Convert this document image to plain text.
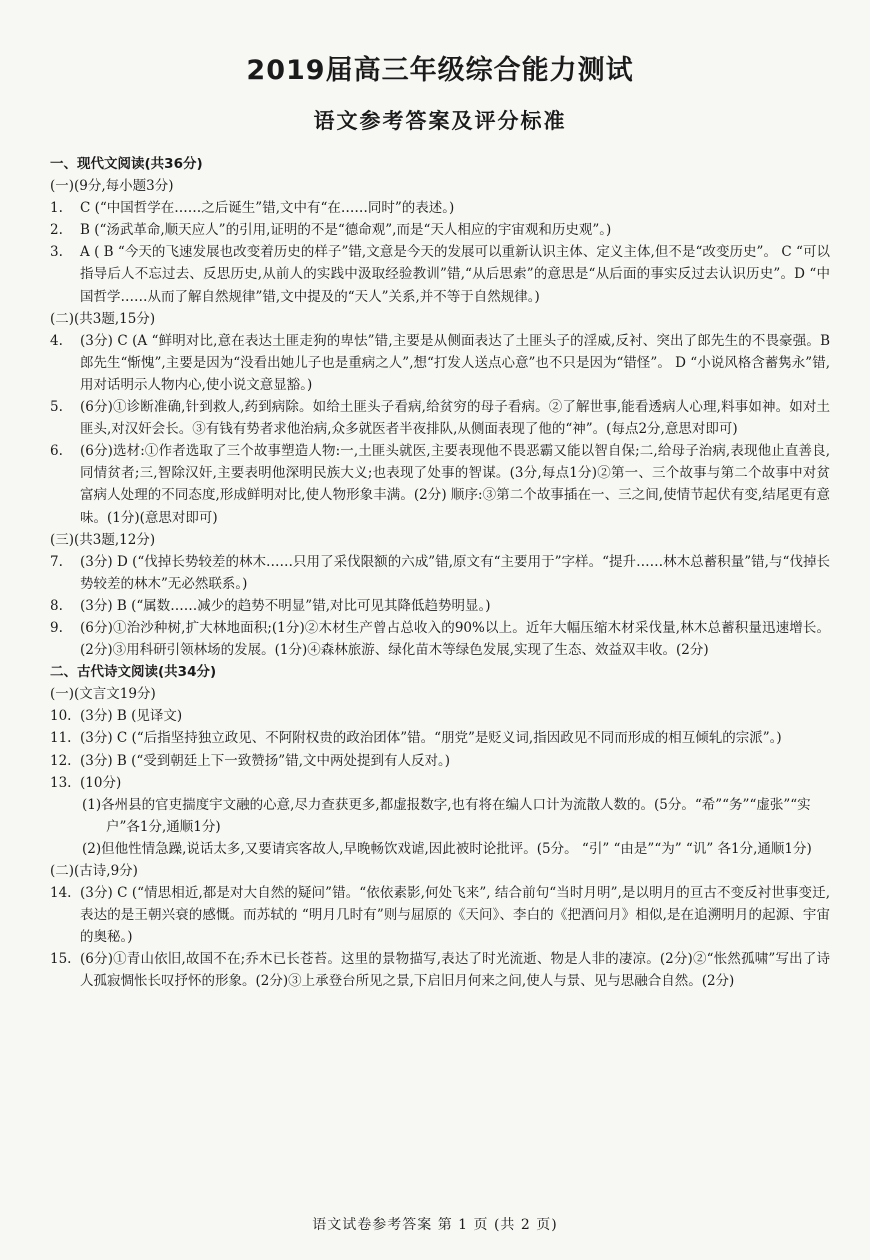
2019届高三年级综合能力测试
语文参考答案及评分标准
一、现代文阅读(共36分)
(一)(9分,每小题3分)
1.	C (“中国哲学在……之后诞生”错,文中有“在……同时”的表述。)
2.	B (“汤武革命,顺天应人”的引用,证明的不是“德命观”,而是“天人相应的宇宙观和历史观”。)
3.	A ( B “今天的飞速发展也改变着历史的样子”错,文意是今天的发展可以重新认识主体、定义主体,但不是“改变历史”。 C “可以指导后人不忘过去、反思历史,从前人的实践中汲取经验教训”错,“从后思索”的意思是“从后面的事实反过去认识历史”。D “中国哲学……从而了解自然规律”错,文中提及的“天人”关系,并不等于自然规律。)
(二)(共3题,15分)
4.	(3分) C (A “鲜明对比,意在表达土匪走狗的卑怯”错,主要是从侧面表达了土匪头子的淫威,反衬、突出了郎先生的不畏豪强。B 郎先生“惭愧”,主要是因为“没看出她儿子也是重病之人”,想“打发人送点心意”也不只是因为“错怪”。 D “小说风格含蓄隽永”错,用对话明示人物内心,使小说文意显豁。)
5.	(6分)①诊断准确,针到救人,药到病除。如给土匪头子看病,给贫穷的母子看病。②了解世事,能看透病人心理,料事如神。如对土匪头,对汉奸会长。③有钱有势者求他治病,众多就医者半夜排队,从侧面表现了他的“神”。(每点2分,意思对即可)
6.	(6分)选材:①作者选取了三个故事塑造人物:一,土匪头就医,主要表现他不畏恶霸又能以智自保;二,给母子治病,表现他止直善良,同情贫者;三,智除汉奸,主要表明他深明民族大义;也表现了处事的智谋。(3分,每点1分)②第一、三个故事与第二个故事中对贫富病人处理的不同态度,形成鲜明对比,使人物形象丰满。(2分) 顺序:③第二个故事插在一、三之间,使情节起伏有变,结尾更有意味。(1分)(意思对即可)
(三)(共3题,12分)
7.	(3分) D (“伐掉长势较差的林木……只用了采伐限额的六成”错,原文有“主要用于”字样。“提升……林木总蓄积量”错,与“伐掉长势较差的林木”无必然联系。)
8.	(3分) B (“属数……减少的趋势不明显”错,对比可见其降低趋势明显。)
9.	(6分)①治沙种树,扩大林地面积;(1分)②木材生产曾占总收入的90%以上。近年大幅压缩木材采伐量,林木总蓄积量迅速增长。(2分)③用科研引领林场的发展。(1分)④森林旅游、绿化苗木等绿色发展,实现了生态、效益双丰收。(2分)
二、古代诗文阅读(共34分)
(一)(文言文19分)
10. (3分) B (见译文)
11. (3分) C (“后指坚持独立政见、不阿附权贵的政治团体”错。“朋党”是贬义词,指因政见不同而形成的相互倾轧的宗派”。)
12. (3分) B (“受到朝廷上下一致赞扬”错,文中两处提到有人反对。)
13. (10分)
(1)各州县的官吏揣度宇文融的心意,尽力查获更多,都虚报数字,也有将在编人口计为流散人数的。(5分。“希”“务”“虚张”“实户”各1分,通顺1分)
(2)但他性情急躁,说话太多,又要请宾客故人,早晚畅饮戏谑,因此被时论批评。(5分。 “引” “由是”“为” “讥” 各1分,通顺1分)
(二)(古诗,9分)
14. (3分) C (“情思相近,都是对大自然的疑问”错。“依依素影,何处飞来”, 结合前句“当时月明”,是以明月的亘古不变反衬世事变迁,表达的是王朝兴衰的感慨。而苏轼的 “明月几时有”则与屈原的《天问》、李白的《把酒问月》相似,是在追溯明月的起源、宇宙的奥秘。)
15. (6分)①青山依旧,故国不在;乔木已长苍苔。这里的景物描写,表达了时光流逝、物是人非的凄凉。(2分)②“怅然孤啸”写出了诗人孤寂惆怅长叹抒怀的形象。(2分)③上承登台所见之景,下启旧月何来之问,使人与景、见与思融合自然。(2分)
语文试卷参考答案 第 1 页 (共 2 页)
